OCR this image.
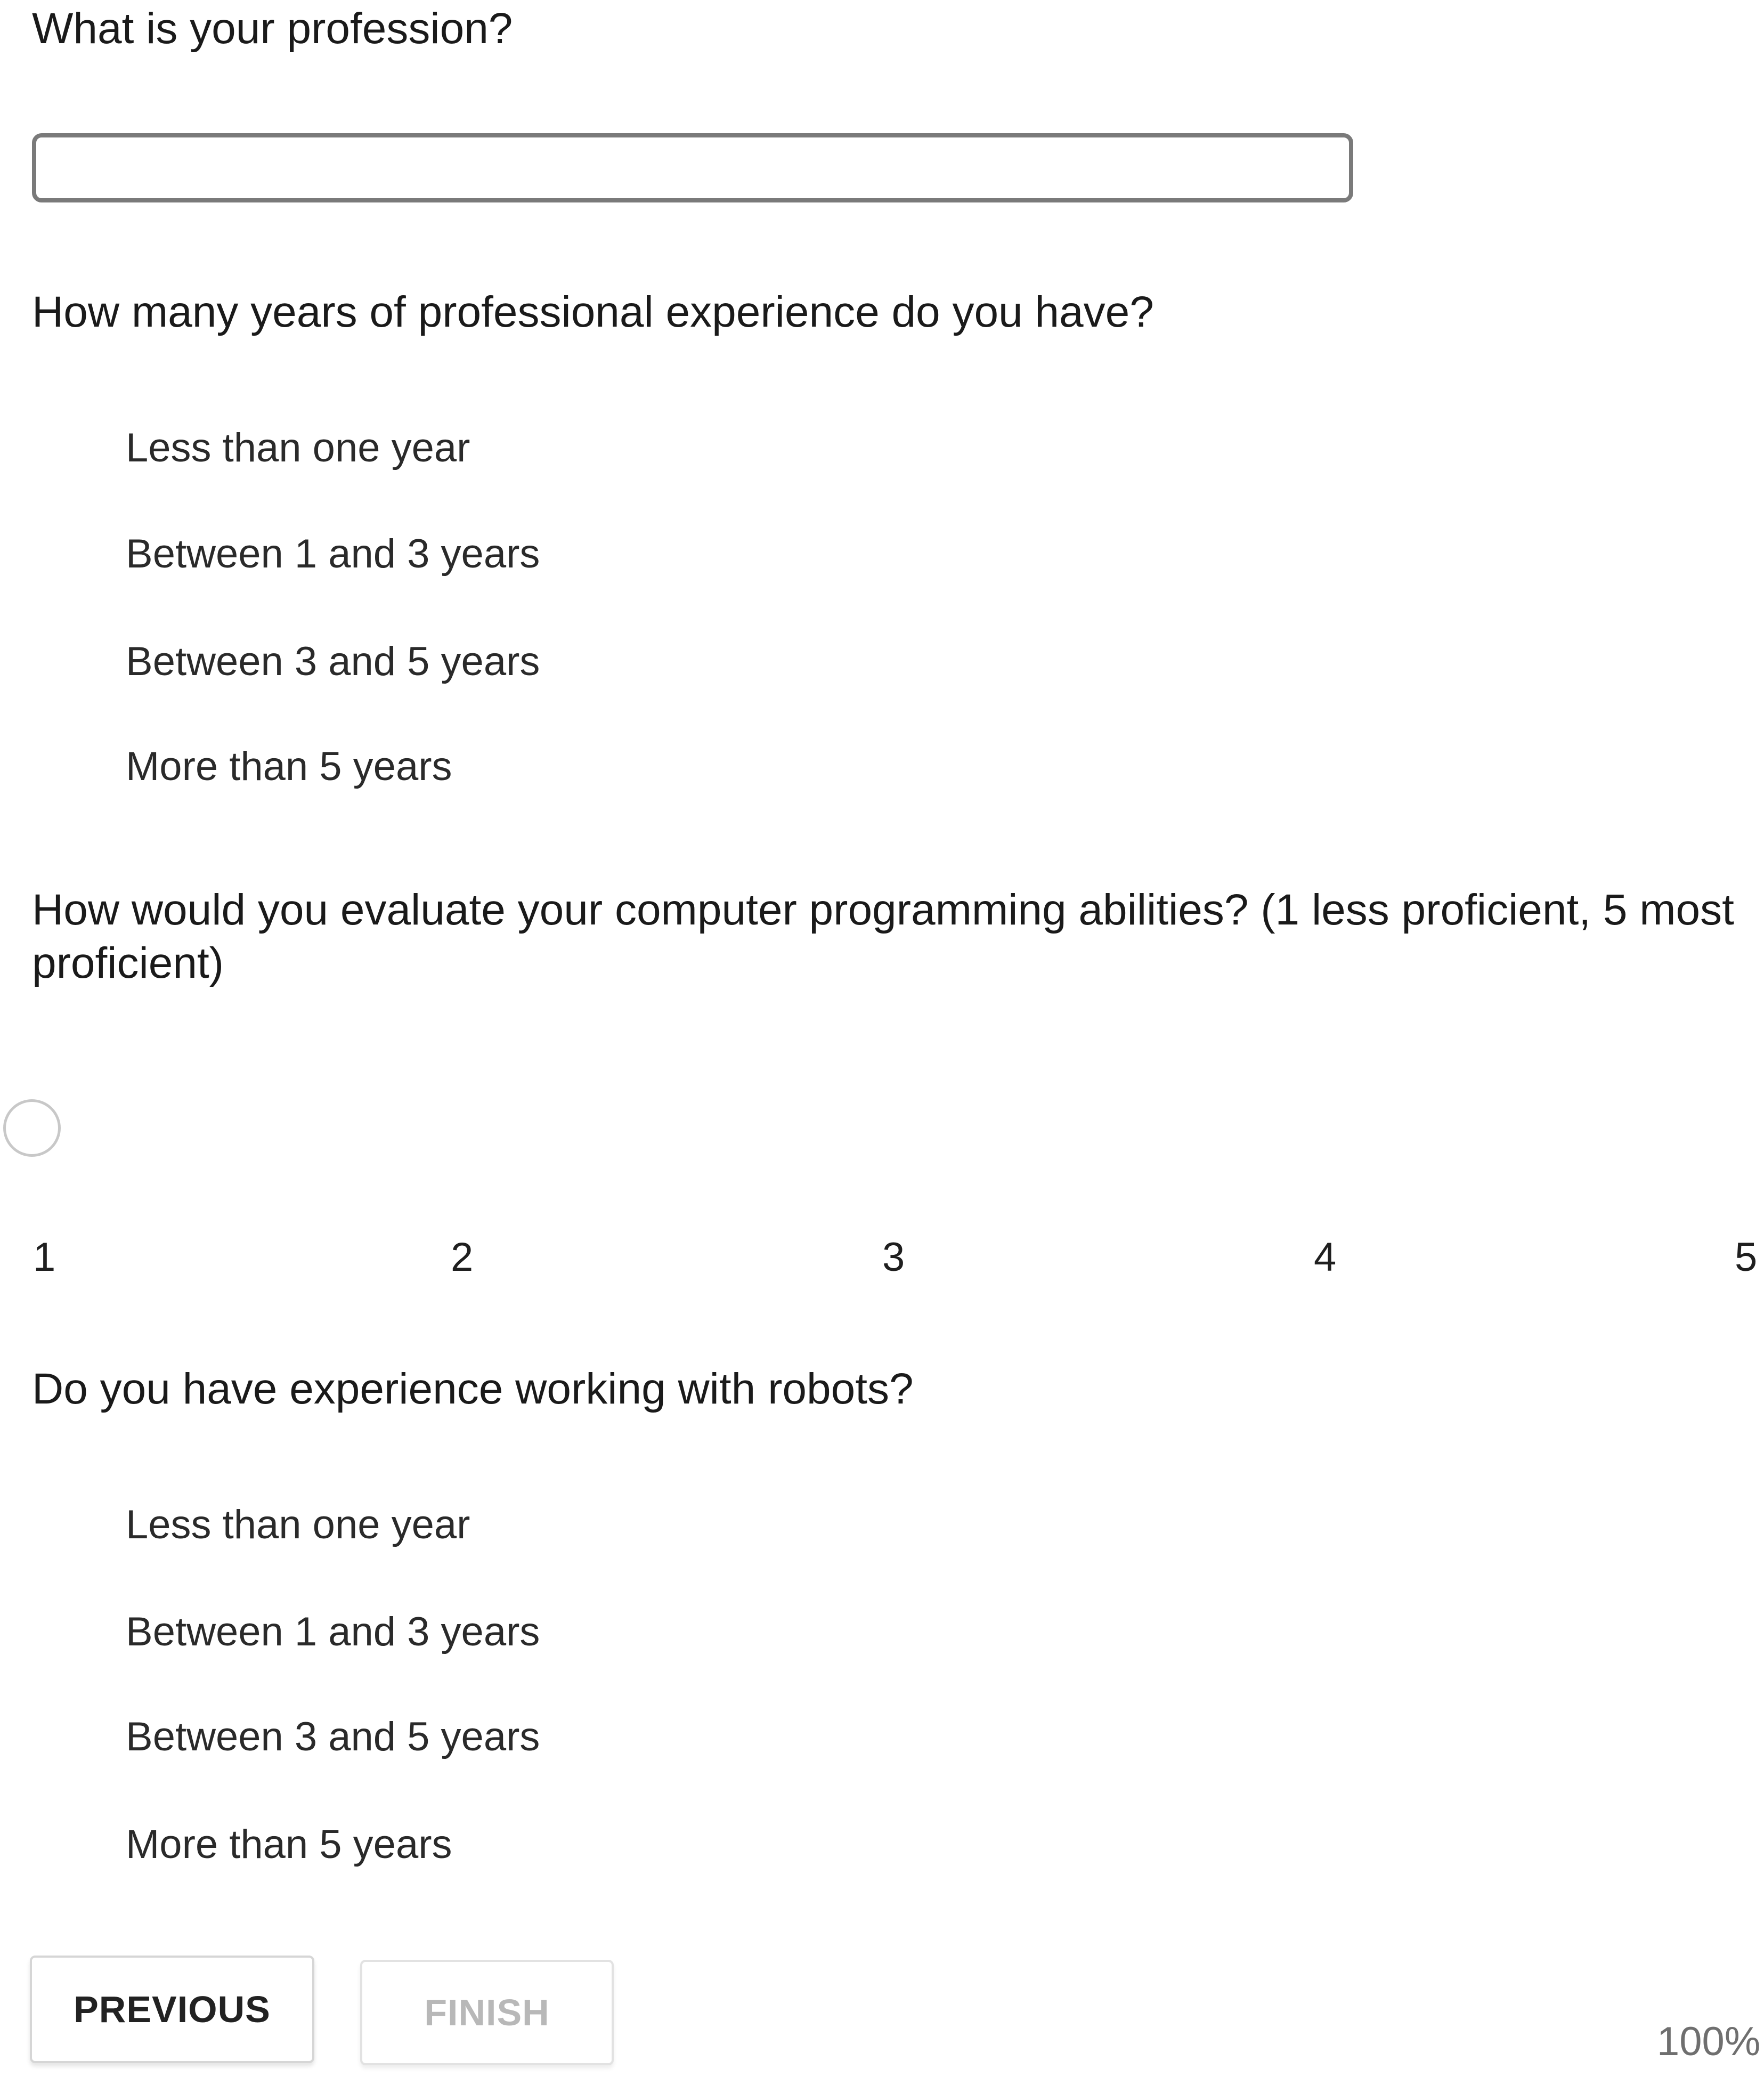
What is your profession?
How many years of professional experience do you have?
Less than one year
Between 1 and 3 years
Between 3 and 5 years
More than 5 years
How would you evaluate your computer programming abilities? (1 less proficient, 5 most proficient)
1	2	3	4	5
Do you have experience working with robots?
Less than one year
Between 1 and 3 years
Between 3 and 5 years
More than 5 years
PREVIOUS	FINISH
100%
